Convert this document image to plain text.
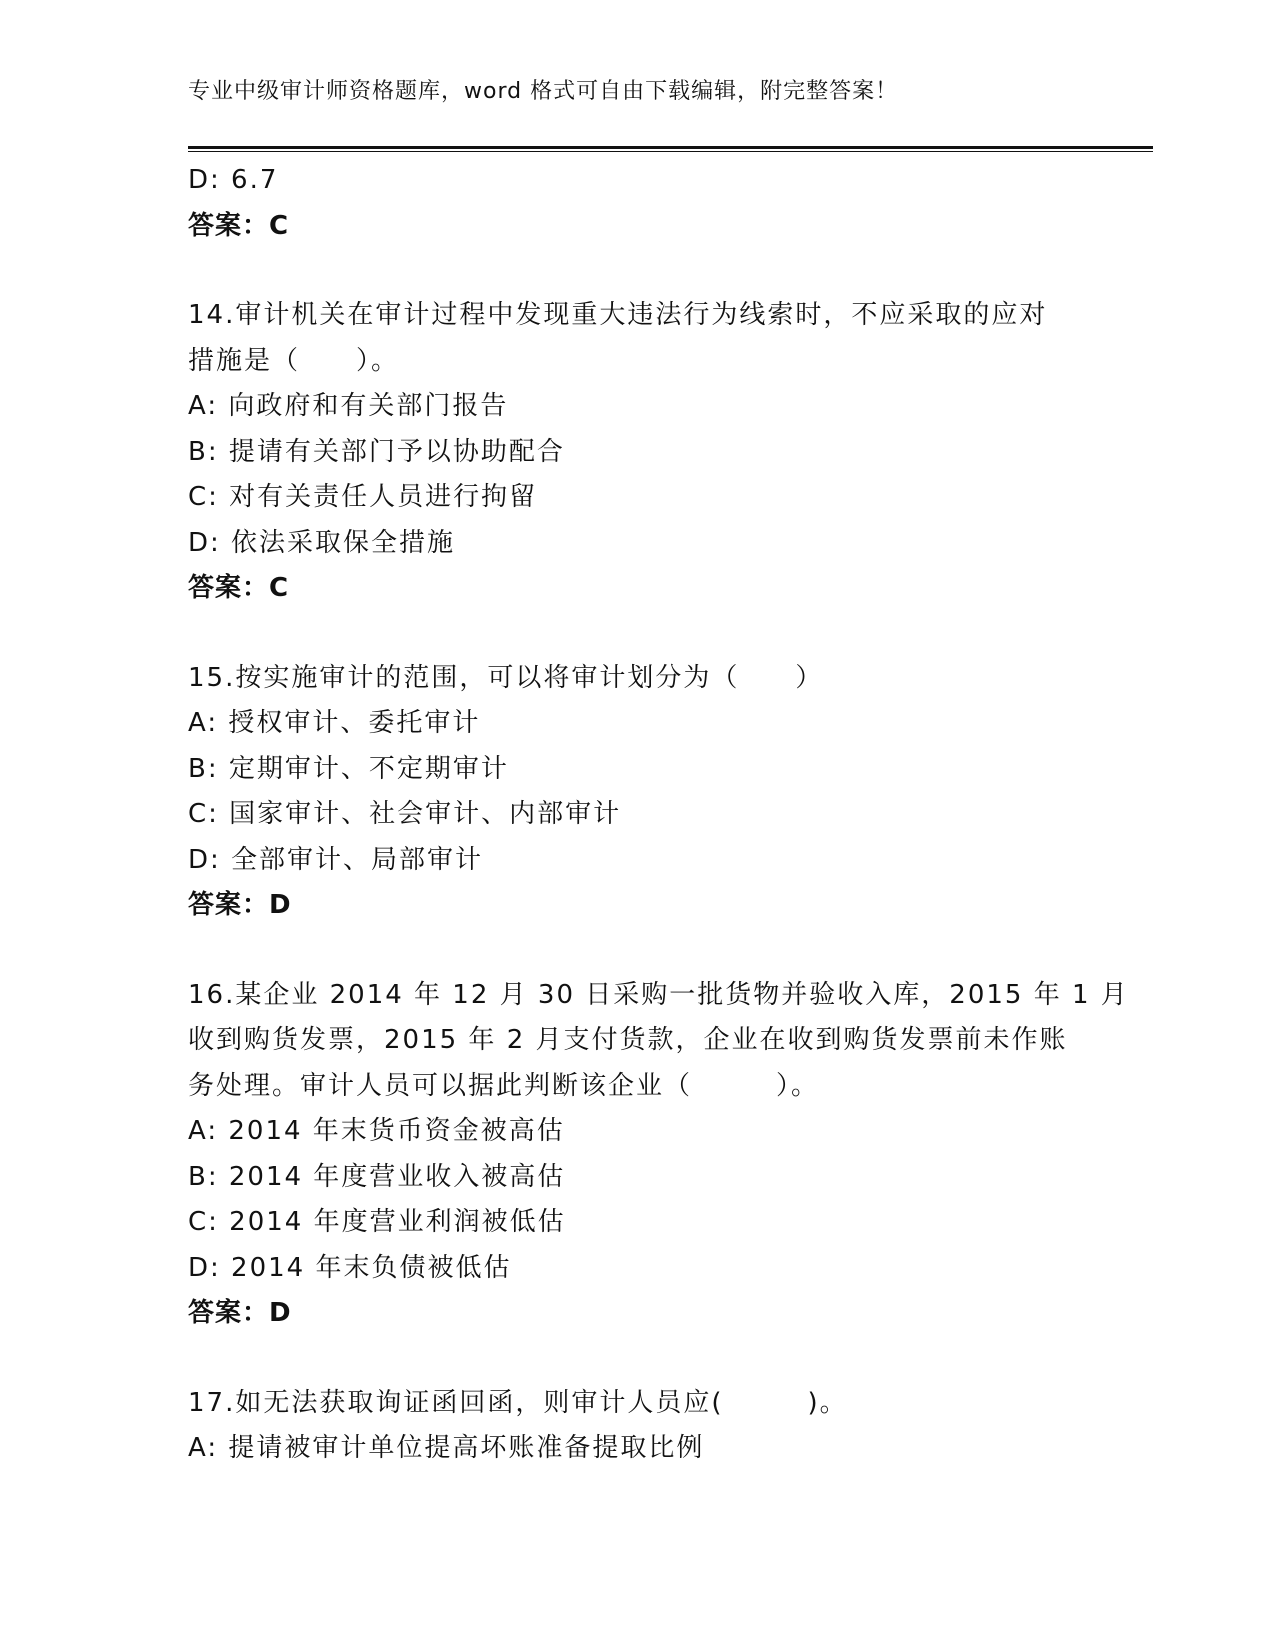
专业中级审计师资格题库，word 格式可自由下载编辑，附完整答案！
D: 6.7
答案：C
14.审计机关在审计过程中发现重大违法行为线索时，不应采取的应对
措施是（　　）。
A: 向政府和有关部门报告
B: 提请有关部门予以协助配合
C: 对有关责任人员进行拘留
D: 依法采取保全措施
答案：C
15.按实施审计的范围，可以将审计划分为（　　）
A: 授权审计、委托审计
B: 定期审计、不定期审计
C: 国家审计、社会审计、内部审计
D: 全部审计、局部审计
答案：D
16.某企业 2014 年 12 月 30 日采购一批货物并验收入库，2015 年 1 月
收到购货发票，2015 年 2 月支付货款，企业在收到购货发票前未作账
务处理。审计人员可以据此判断该企业（　　　）。
A: 2014 年末货币资金被高估
B: 2014 年度营业收入被高估
C: 2014 年度营业利润被低估
D: 2014 年末负债被低估
答案：D
17.如无法获取询证函回函，则审计人员应(　　　)。
A: 提请被审计单位提高坏账准备提取比例
